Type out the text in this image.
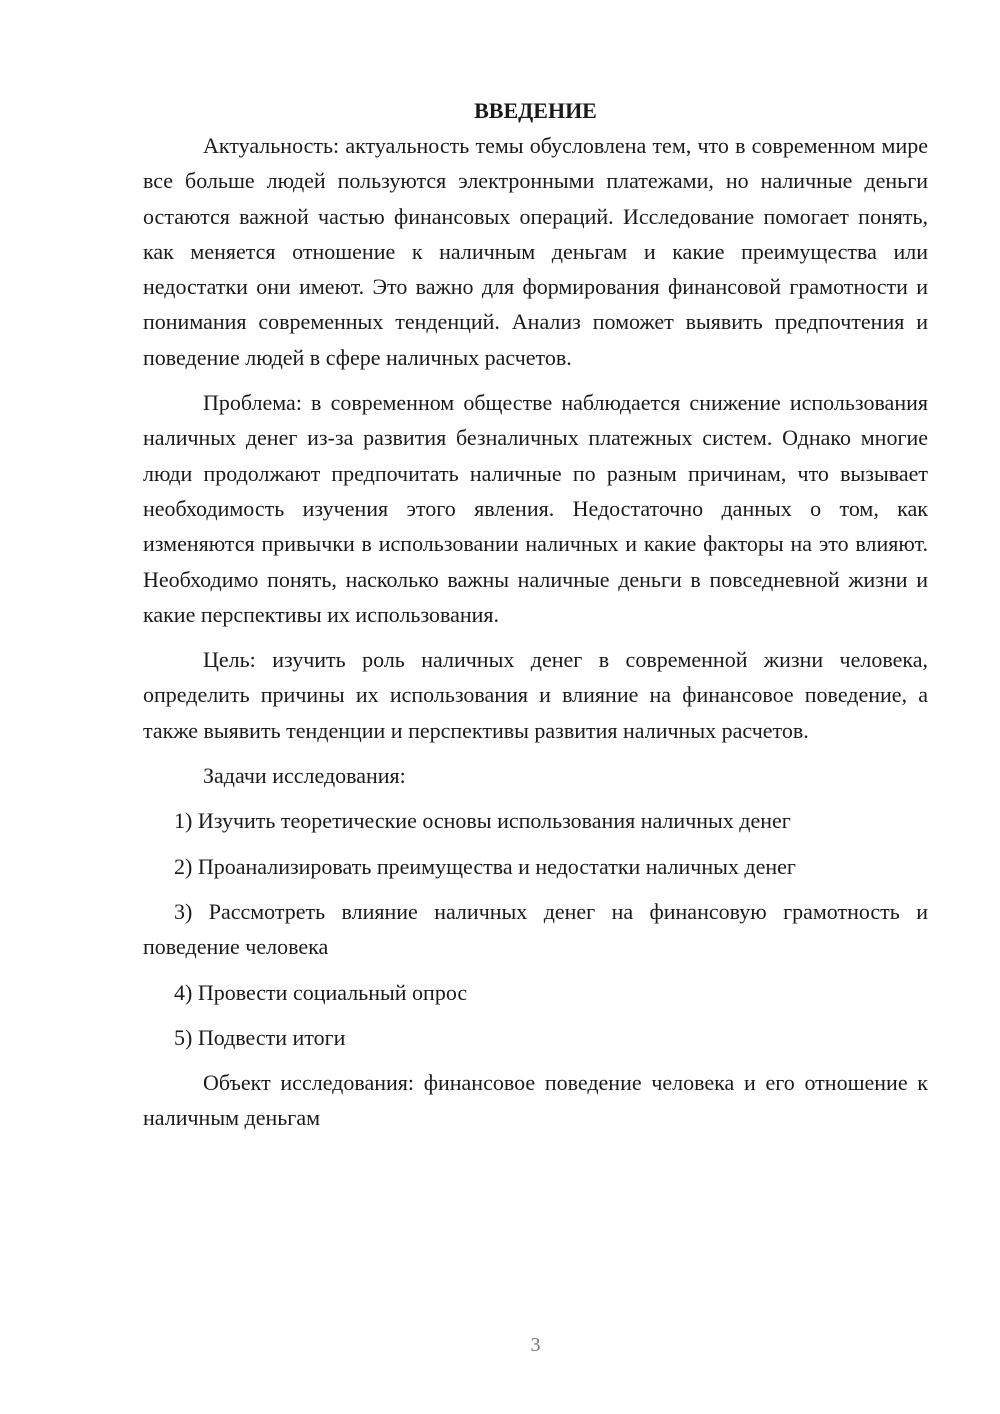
ВВЕДЕНИЕ

Актуальность: актуальность темы обусловлена тем, что в современном мире все больше людей пользуются электронными платежами, но наличные деньги остаются важной частью финансовых операций. Исследование помогает понять, как меняется отношение к наличным деньгам и какие преимущества или недостатки они имеют. Это важно для формирования финансовой грамотности и понимания современных тенденций. Анализ поможет выявить предпочтения и поведение людей в сфере наличных расчетов.

Проблема: в современном обществе наблюдается снижение использования наличных денег из-за развития безналичных платежных систем. Однако многие люди продолжают предпочитать наличные по разным причинам, что вызывает необходимость изучения этого явления. Недостаточно данных о том, как изменяются привычки в использовании наличных и какие факторы на это влияют. Необходимо понять, насколько важны наличные деньги в повседневной жизни и какие перспективы их использования.

Цель: изучить роль наличных денег в современной жизни человека, определить причины их использования и влияние на финансовое поведение, а также выявить тенденции и перспективы развития наличных расчетов.

Задачи исследования:

1) Изучить теоретические основы использования наличных денег

2) Проанализировать преимущества и недостатки наличных денег

3) Рассмотреть влияние наличных денег на финансовую грамотность и поведение человека

4) Провести социальный опрос

5) Подвести итоги

Объект исследования: финансовое поведение человека и его отношение к наличным деньгам

3
